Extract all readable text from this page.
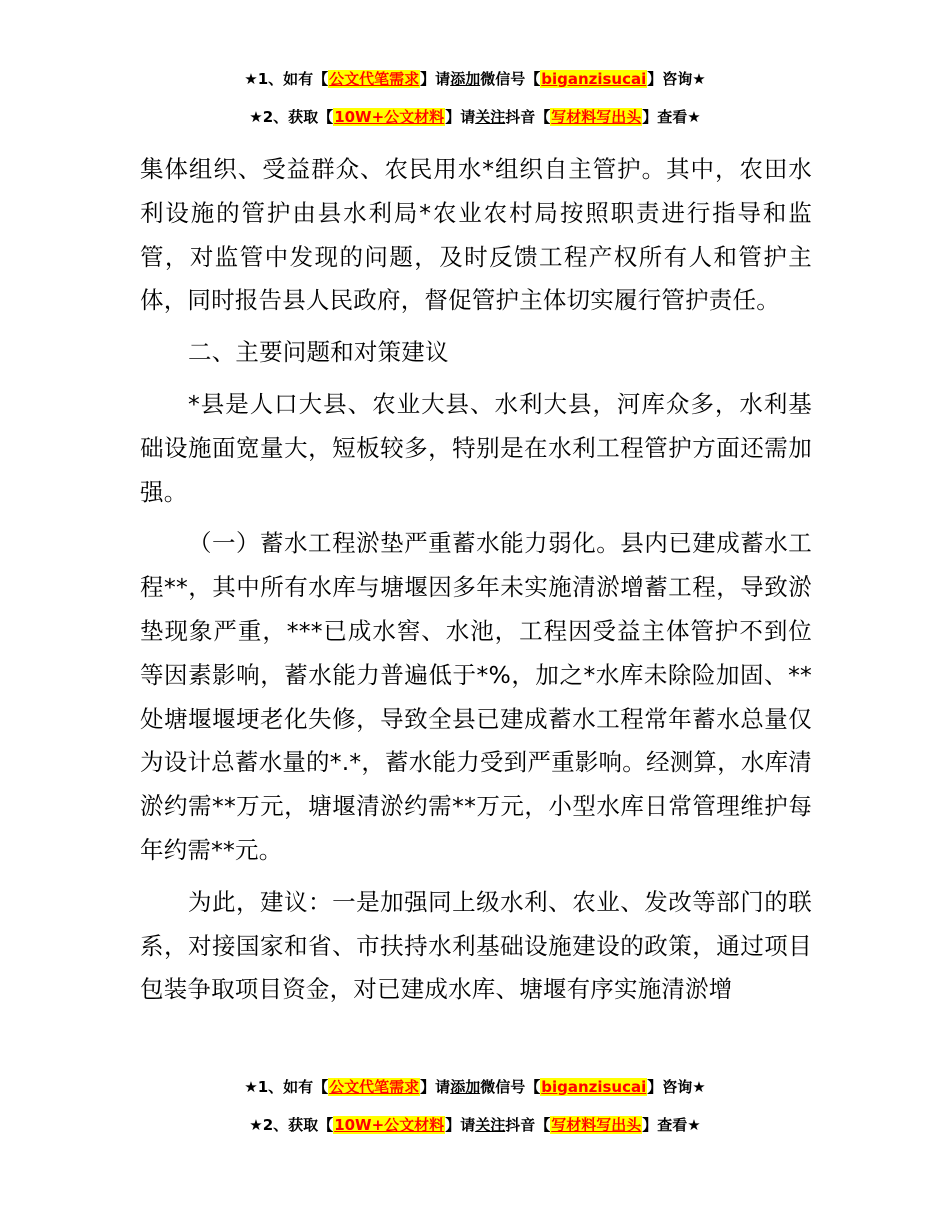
★1、如有【公文代笔需求】请添加微信号【biganzisucai】咨询★
★2、获取【10W+公文材料】请关注抖音【写材料写出头】查看★

集体组织、受益群众、农民用水*组织自主管护。其中，农田水利设施的管护由县水利局*农业农村局按照职责进行指导和监管，对监管中发现的问题，及时反馈工程产权所有人和管护主体，同时报告县人民政府，督促管护主体切实履行管护责任。

二、主要问题和对策建议

*县是人口大县、农业大县、水利大县，河库众多，水利基础设施面宽量大，短板较多，特别是在水利工程管护方面还需加强。

（一）蓄水工程淤垫严重蓄水能力弱化。县内已建成蓄水工程**，其中所有水库与塘堰因多年未实施清淤增蓄工程，导致淤垫现象严重，***已成水窖、水池，工程因受益主体管护不到位等因素影响，蓄水能力普遍低于*%，加之*水库未除险加固、**处塘堰堰埂老化失修，导致全县已建成蓄水工程常年蓄水总量仅为设计总蓄水量的*.*，蓄水能力受到严重影响。经测算，水库清淤约需**万元，塘堰清淤约需**万元，小型水库日常管理维护每年约需**元。

为此，建议：一是加强同上级水利、农业、发改等部门的联系，对接国家和省、市扶持水利基础设施建设的政策，通过项目包装争取项目资金，对已建成水库、塘堰有序实施清淤增

★1、如有【公文代笔需求】请添加微信号【biganzisucai】咨询★
★2、获取【10W+公文材料】请关注抖音【写材料写出头】查看★
